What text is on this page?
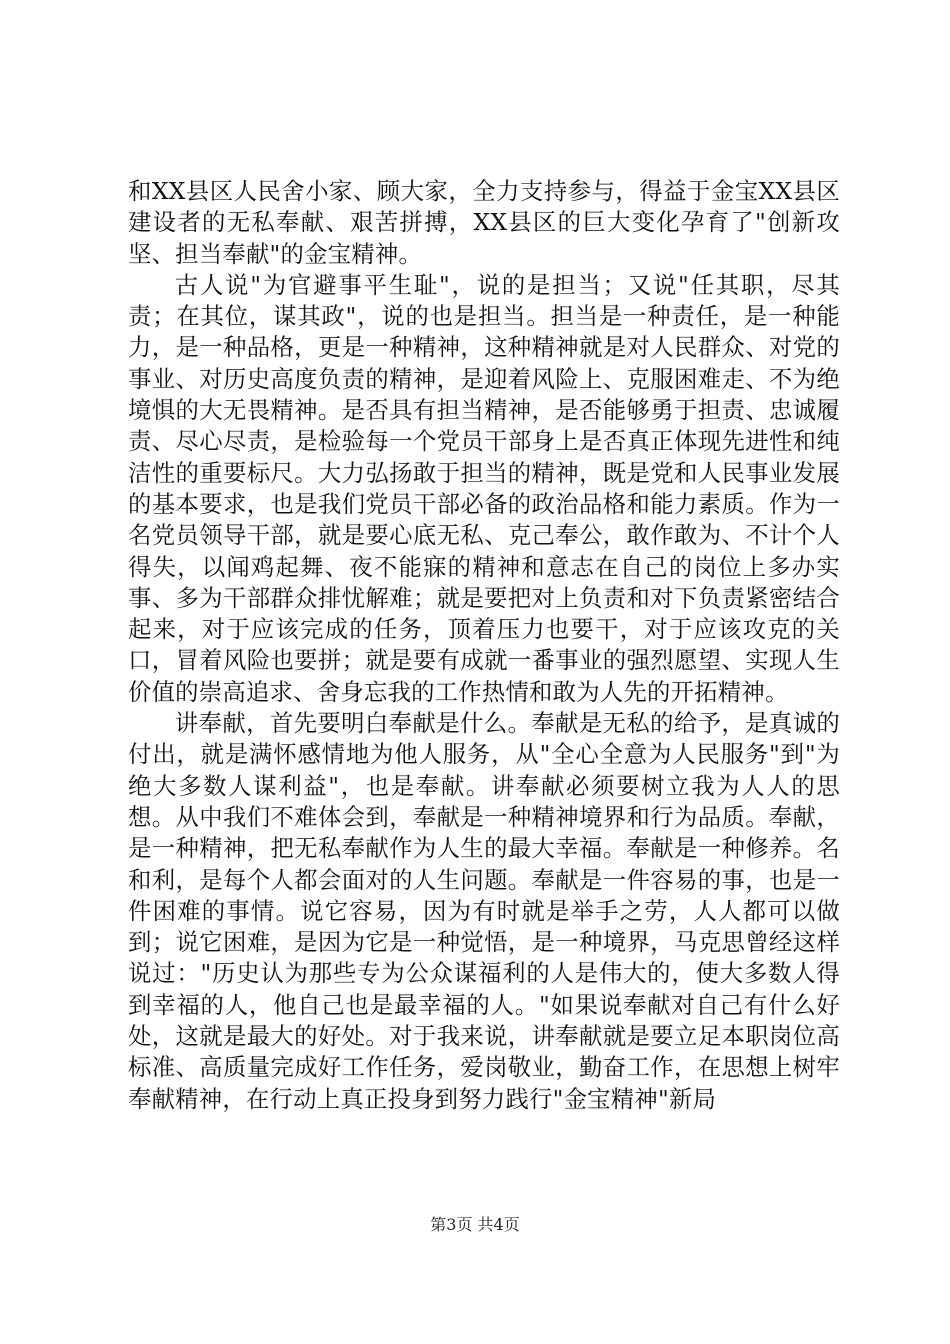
和XX县区人民舍小家、顾大家，全力支持参与，得益于金宝XX县区建设者的无私奉献、艰苦拼搏，XX县区的巨大变化孕育了"创新攻坚、担当奉献"的金宝精神。

古人说"为官避事平生耻"，说的是担当；又说"任其职，尽其责；在其位，谋其政"，说的也是担当。担当是一种责任，是一种能力，是一种品格，更是一种精神，这种精神就是对人民群众、对党的事业、对历史高度负责的精神，是迎着风险上、克服困难走、不为绝境惧的大无畏精神。是否具有担当精神，是否能够勇于担责、忠诚履责、尽心尽责，是检验每一个党员干部身上是否真正体现先进性和纯洁性的重要标尺。大力弘扬敢于担当的精神，既是党和人民事业发展的基本要求，也是我们党员干部必备的政治品格和能力素质。作为一名党员领导干部，就是要心底无私、克己奉公，敢作敢为、不计个人得失，以闻鸡起舞、夜不能寐的精神和意志在自己的岗位上多办实事、多为干部群众排忧解难；就是要把对上负责和对下负责紧密结合起来，对于应该完成的任务，顶着压力也要干，对于应该攻克的关口，冒着风险也要拼；就是要有成就一番事业的强烈愿望、实现人生价值的崇高追求、舍身忘我的工作热情和敢为人先的开拓精神。

讲奉献，首先要明白奉献是什么。奉献是无私的给予，是真诚的付出，就是满怀感情地为他人服务，从"全心全意为人民服务"到"为绝大多数人谋利益"，也是奉献。讲奉献必须要树立我为人人的思想。从中我们不难体会到，奉献是一种精神境界和行为品质。奉献，是一种精神，把无私奉献作为人生的最大幸福。奉献是一种修养。名和利，是每个人都会面对的人生问题。奉献是一件容易的事，也是一件困难的事情。说它容易，因为有时就是举手之劳，人人都可以做到；说它困难，是因为它是一种觉悟，是一种境界，马克思曾经这样说过："历史认为那些专为公众谋福利的人是伟大的，使大多数人得到幸福的人，他自己也是最幸福的人。"如果说奉献对自己有什么好处，这就是最大的好处。对于我来说，讲奉献就是要立足本职岗位高标准、高质量完成好工作任务，爱岗敬业，勤奋工作，在思想上树牢奉献精神，在行动上真正投身到努力践行"金宝精神"新局

第3页 共4页
